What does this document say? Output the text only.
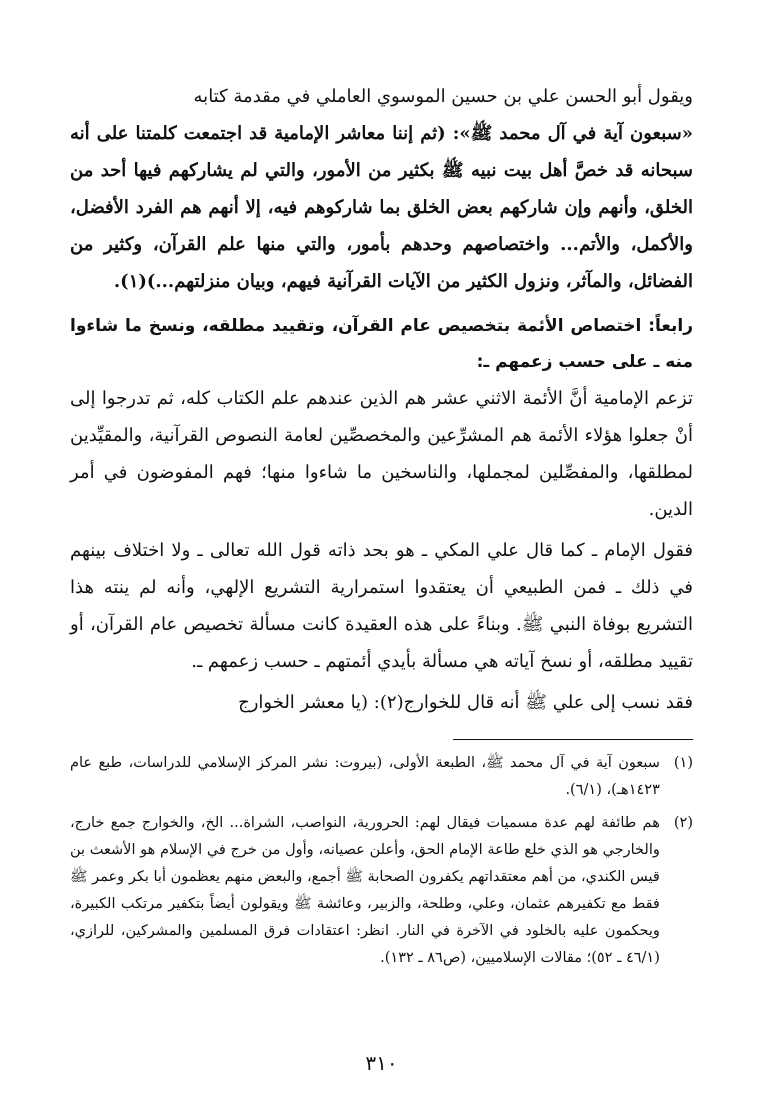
ويقول أبو الحسن علي بن حسين الموسوي العاملي في مقدمة كتابه

«سبعون آية في آل محمد ﷺ»: (ثم إننا معاشر الإمامية قد اجتمعت كلمتنا على أنه سبحانه قد خصَّ أهل بيت نبيه ﷺ بكثير من الأمور، والتي لم يشاركهم فيها أحد من الخلق، وأنهم وإن شاركهم بعض الخلق بما شاركوهم فيه، إلا أنهم هم الفرد الأفضل، والأكمل، والأتم... واختصاصهم وحدهم بأمور، والتي منها علم القرآن، وكثير من الفضائل، والمآثر، ونزول الكثير من الآيات القرآنية فيهم، وبيان منزلتهم...)(١).

رابعاً: اختصاص الأئمة بتخصيص عام القرآن، وتقييد مطلقه، ونسخ ما شاءوا منه ـ على حسب زعمهم ـ:

تزعم الإمامية أنَّ الأئمة الاثني عشر هم الذين عندهم علم الكتاب كله، ثم تدرجوا إلى أنْ جعلوا هؤلاء الأئمة هم المشرِّعين والمخصصِّين لعامة النصوص القرآنية، والمقيِّدين لمطلقها، والمفصِّلين لمجملها، والناسخين ما شاءوا منها؛ فهم المفوضون في أمر الدين.

فقول الإمام ـ كما قال علي المكي ـ هو بحد ذاته قول الله تعالى ـ ولا اختلاف بينهم في ذلك ـ فمن الطبيعي أن يعتقدوا استمرارية التشريع الإلهي، وأنه لم ينته هذا التشريع بوفاة النبي ﷺ. وبناءً على هذه العقيدة كانت مسألة تخصيص عام القرآن، أو تقييد مطلقه، أو نسخ آياته هي مسألة بأيدي أئمتهم ـ حسب زعمهم ـ.

فقد نسب إلى علي ﷺ أنه قال للخوارج(٢): (يا معشر الخوارج

(١)
سبعون آية في آل محمد ﷺ، الطبعة الأولى، (بيروت: نشر المركز الإسلامي للدراسات، طبع عام ١٤٢٣هـ)، (٦/١).
(٢)
هم طائفة لهم عدة مسميات فيقال لهم: الحرورية، النواصب، الشراة... الخ، والخوارج جمع خارج، والخارجي هو الذي خلع طاعة الإمام الحق، وأعلن عصيانه، وأول من خرج في الإسلام هو الأشعث بن قيس الكندي، من أهم معتقداتهم يكفرون الصحابة ﷺ أجمع، والبعض منهم يعظمون أبا بكر وعمر ﷺ فقط مع تكفيرهم عثمان، وعلي، وطلحة، والزبير، وعائشة ﷺ ويقولون أيضاً بتكفير مرتكب الكبيرة، ويحكمون عليه بالخلود في الآخرة في النار. انظر: اعتقادات فرق المسلمين والمشركين، للرازي، (٤٦/١ ـ ٥٢)؛ مقالات الإسلاميين، (ص٨٦ ـ ١٣٢).
٣١٠
